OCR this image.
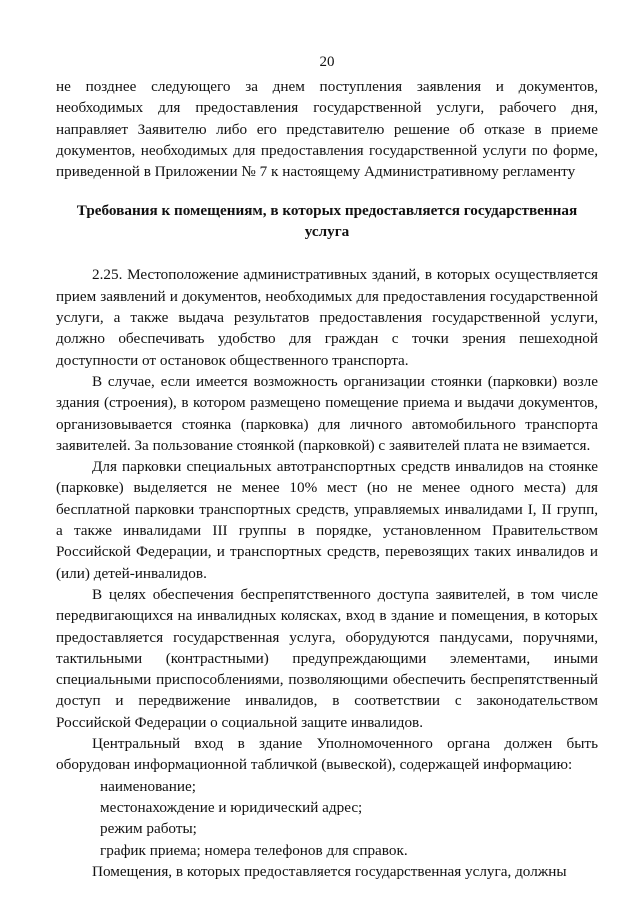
20

не позднее следующего за днем поступления заявления и документов, необходимых для предоставления государственной услуги, рабочего дня, направляет Заявителю либо его представителю решение об отказе в приеме документов, необходимых для предоставления государственной услуги по форме, приведенной в Приложении № 7 к настоящему Административному регламенту

Требования к помещениям, в которых предоставляется государственная
услуга

2.25. Местоположение административных зданий, в которых осуществляется прием заявлений и документов, необходимых для предоставления государственной услуги, а также выдача результатов предоставления государственной услуги, должно обеспечивать удобство для граждан с точки зрения пешеходной доступности от остановок общественного транспорта.

В случае, если имеется возможность организации стоянки (парковки) возле здания (строения), в котором размещено помещение приема и выдачи документов, организовывается стоянка (парковка) для личного автомобильного транспорта заявителей. За пользование стоянкой (парковкой) с заявителей плата не взимается.

Для парковки специальных автотранспортных средств инвалидов на стоянке (парковке) выделяется не менее 10% мест (но не менее одного места) для бесплатной парковки транспортных средств, управляемых инвалидами I, II групп, а также инвалидами III группы в порядке, установленном Правительством Российской Федерации, и транспортных средств, перевозящих таких инвалидов и (или) детей-инвалидов.

В целях обеспечения беспрепятственного доступа заявителей, в том числе передвигающихся на инвалидных колясках, вход в здание и помещения, в которых предоставляется государственная услуга, оборудуются пандусами, поручнями, тактильными (контрастными) предупреждающими элементами, иными специальными приспособлениями, позволяющими обеспечить беспрепятственный доступ и передвижение инвалидов, в соответствии с законодательством Российской Федерации о социальной защите инвалидов.

Центральный вход в здание Уполномоченного органа должен быть оборудован информационной табличкой (вывеской), содержащей информацию:

наименование;

местонахождение и юридический адрес;

режим работы;

график приема; номера телефонов для справок.

Помещения, в которых предоставляется государственная услуга, должны
